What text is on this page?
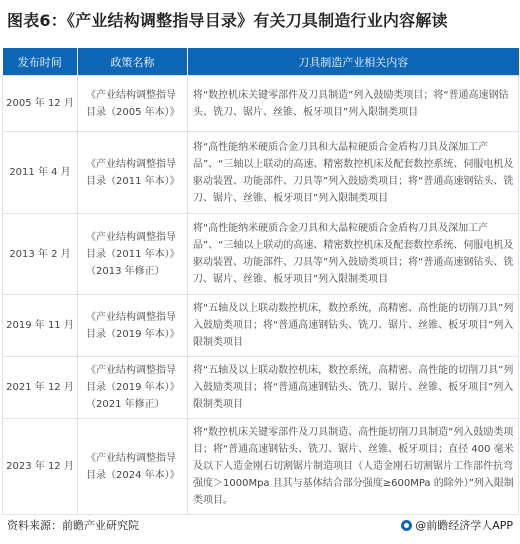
图表6：《产业结构调整指导目录》有关刀具制造行业内容解读
发布时间	政策名称	刀具制造产业相关内容
2005 年 12 月	《产业结构调整指导目录（2005 年本）》	将“数控机床关键零部件及刀具制造”列入鼓励类项目；将“普通高速钢钻头、铣刀、锯片、丝锥、板牙项目”列入限制类项目
2011 年 4 月	《产业结构调整指导目录（2011 年本）》	将“高性能纳米硬质合金刀具和大晶粒硬质合金盾构刀具及深加工产品”、“三轴以上联动的高速、精密数控机床及配套数控系统、伺服电机及驱动装置、功能部件、刀具等”列入鼓励类项目；将“普通高速钢钻头、铣刀、锯片、丝锥、板牙项目”列入限制类项目
2013 年 2 月	《产业结构调整指导目录（2011 年本）》（2013 年修正）	将“高性能纳米硬质合金刀具和大晶粒硬质合金盾构刀具及深加工产品”、“三轴以上联动的高速、精密数控机床及配套数控系统、伺服电机及驱动装置、功能部件、刀具等”列入鼓励类项目；将“普通高速钢钻头、铣刀、锯片、丝锥、板牙项目”列入限制类项目
2019 年 11 月	《产业结构调整指导目录（2019 年本）》	将“五轴及以上联动数控机床，数控系统，高精密、高性能的切削刀具”列入鼓励类项目；将“普通高速钢钻头、铣刀、锯片、丝锥、板牙项目”列入限制类项目
2021 年 12 月	《产业结构调整指导目录（2019 年本）》（2021 年修正）	将“五轴及以上联动数控机床，数控系统，高精密、高性能的切削刀具”列入鼓励类项目；将“普通高速钢钻头、铣刀、锯片、丝锥、板牙项目”列入限制类项目
2023 年 12 月	《产业结构调整指导目录（2024 年本）》	将“数控机床关键零部件及刀具制造、高性能切削刀具制造”列入鼓励类项目；将“普通高速钢钻头、铣刀、锯片、丝锥、板牙项目；直径 400 毫米及以下人造金刚石切割锯片制造项目（人造金刚石切割锯片工作部件抗弯强度＞1000Mpa 且其与基体结合部分强度≥600MPa 的除外）”列入限制类项目。
资料来源：前瞻产业研究院	@前瞻经济学人APP
